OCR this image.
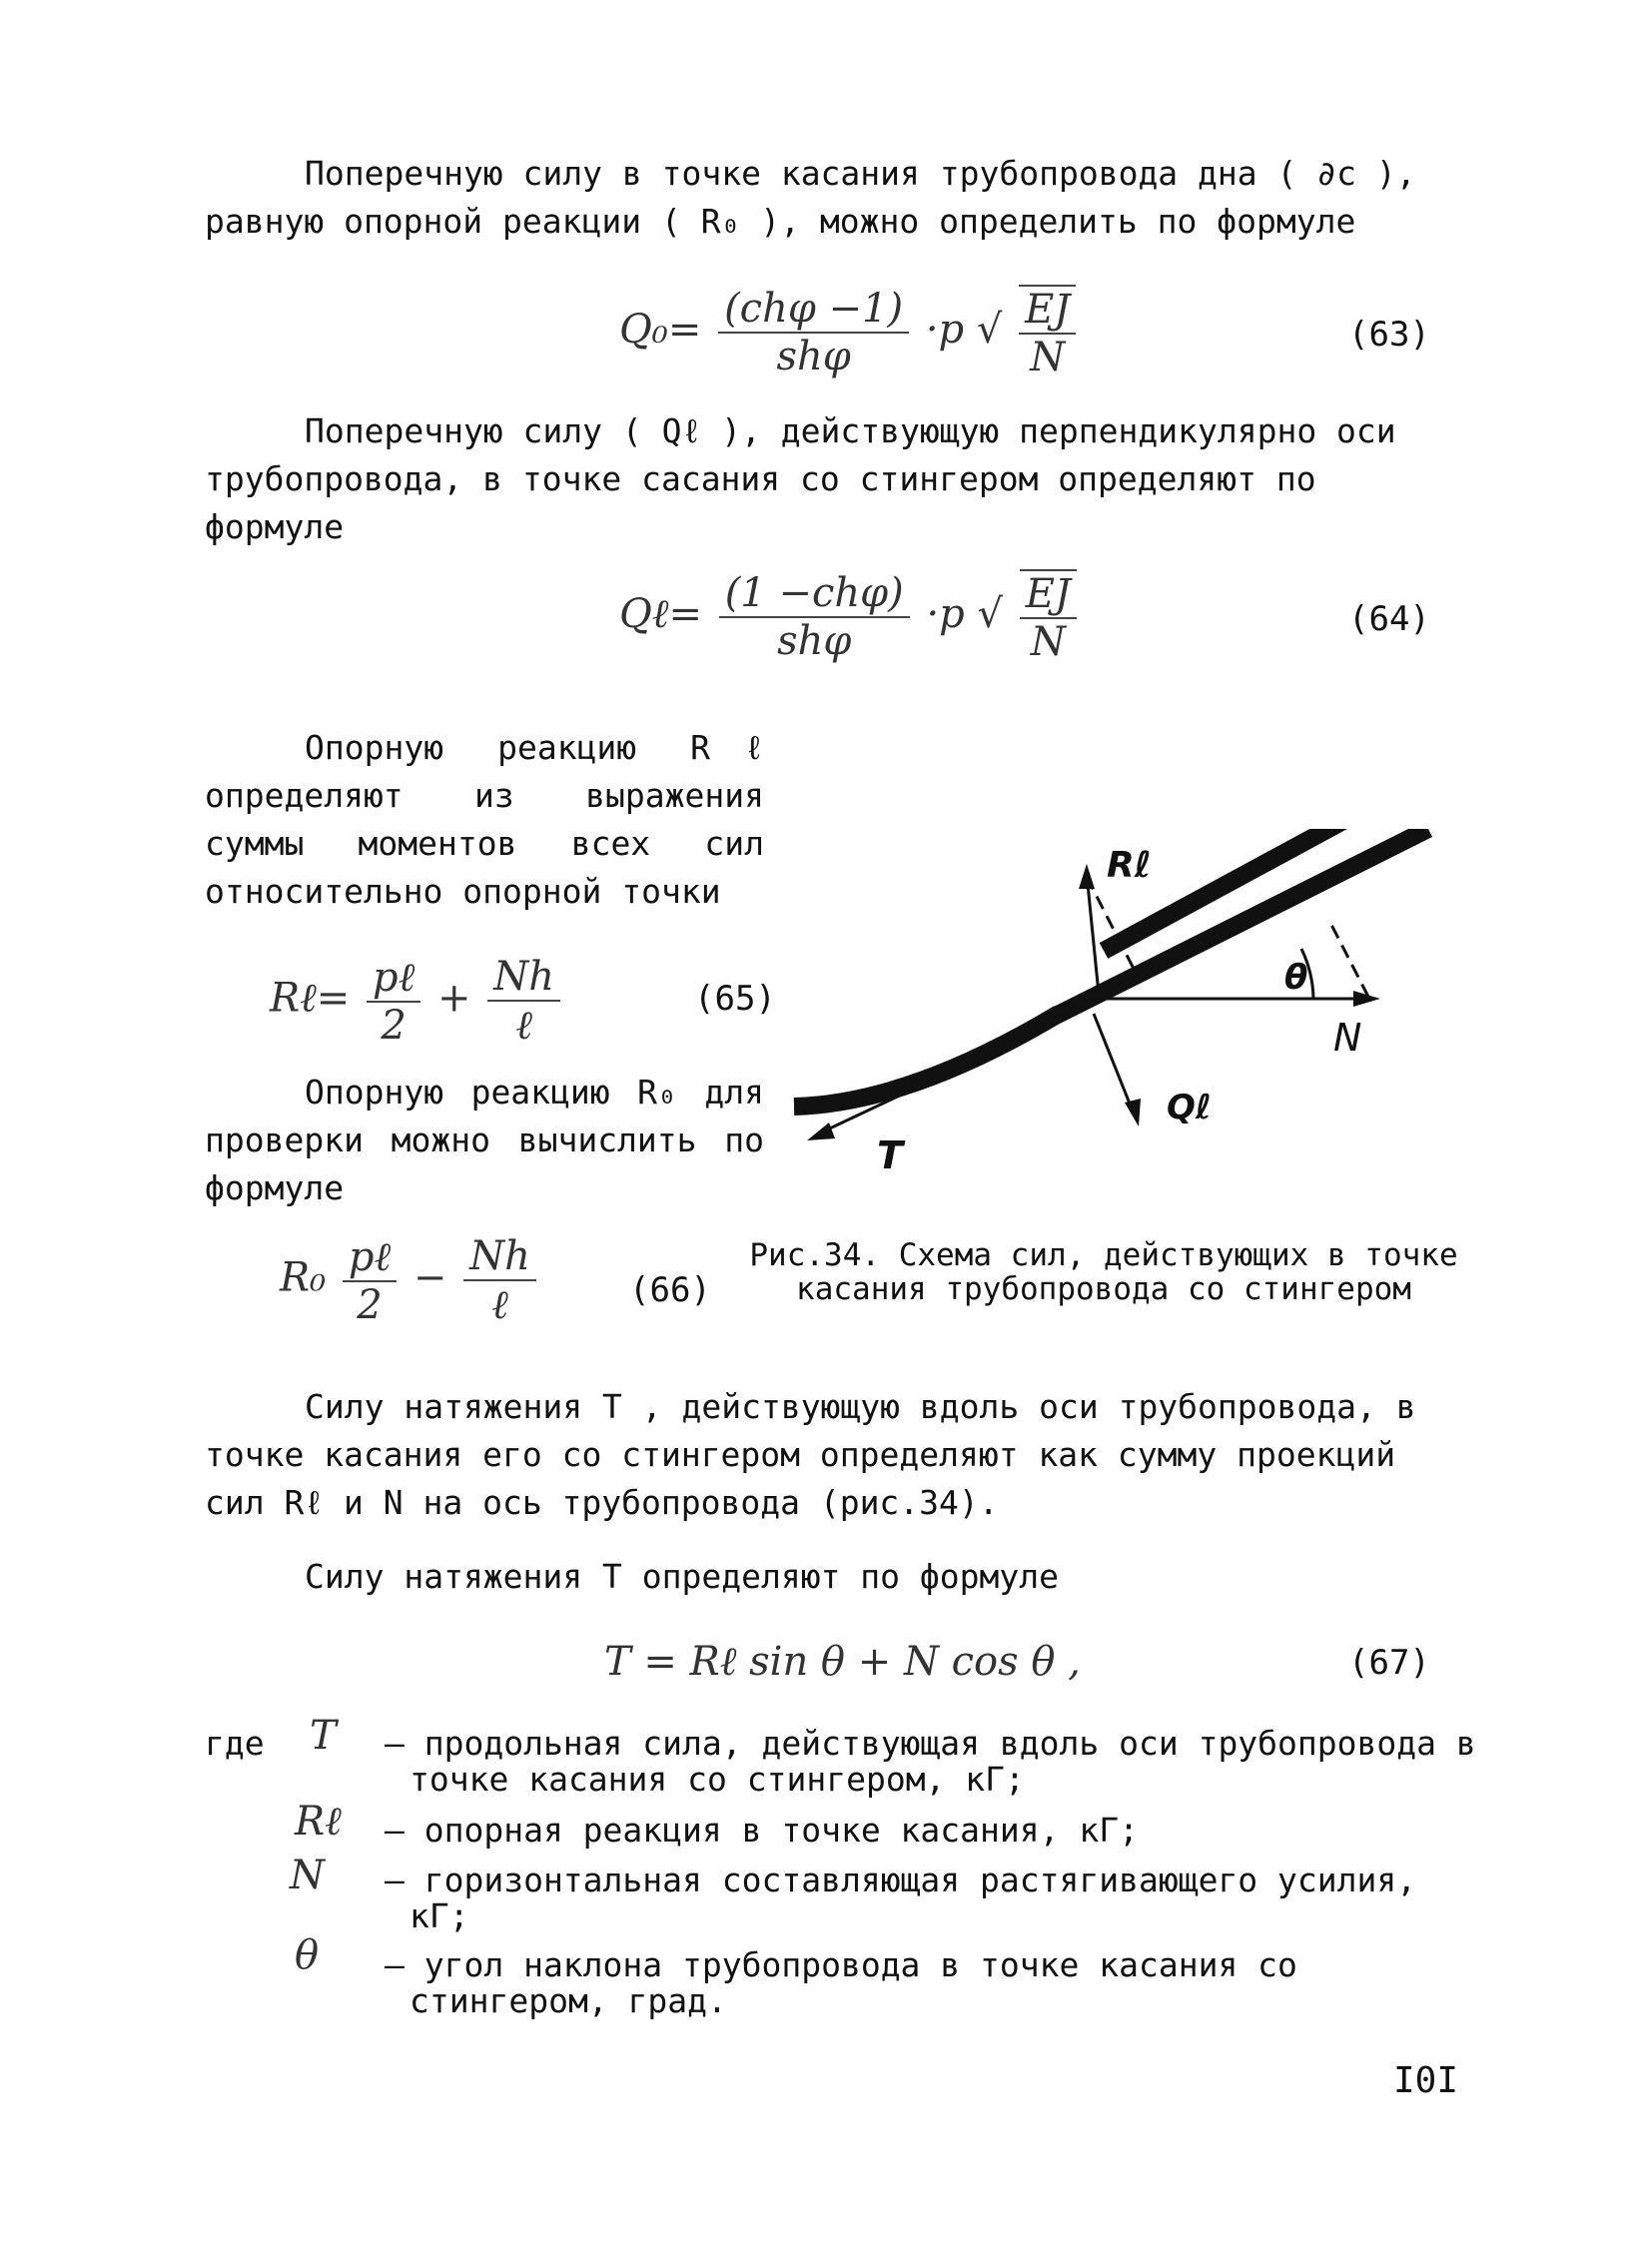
Поперечную силу в точке касания трубопровода дна ( ∂c ), равную опорной реакции ( R₀ ), можно определить по формуле

$Q_0= \frac{\text{(chφ −1)}}{\text{shφ}} \cdot p$ √ $\frac{EJ}{N}$	(63)

Поперечную силу ( Qℓ ), действующую перпендикулярно оси трубопровода, в точке сасания со стингером определяют по формуле

Qℓ= $\frac{\text{(1 −chφ)}}{\text{shφ}} \cdot p$ √ $\frac{EJ}{N}$	(64)

Опорную реакцию Rℓ определяют из выражения суммы моментов всех сил относительно опорной точки

Rℓ= $\frac{\text{pℓ}}{2} + \frac{Nh}{\text{ℓ}}$	(65)

Опорную реакцию R₀ для проверки можно вычислить по формуле

$R_0 \frac{\text{pℓ}}{2} - \frac{Nh}{\text{ℓ}}$	(66)
Rℓ
θ
N
Qℓ
T
Рис.34. Схема сил, действующих в точке касания трубопровода со стингером

Силу натяжения T , действующую вдоль оси трубопровода, в точке касания его со стингером определяют как сумму проекций сил Rℓ и N на ось трубопровода (рис.34).

Силу натяжения T определяют по формуле

T = Rℓ sin θ + N cos θ ,	(67)
где T – продольная сила, действующая вдоль оси трубопровода в точке касания со стингером, кГ;
Rℓ – опорная реакция в точке касания, кГ;
N – горизонтальная составляющая растягивающего усилия, кГ;
θ – угол наклона трубопровода в точке касания со стингером, град.
I0I
